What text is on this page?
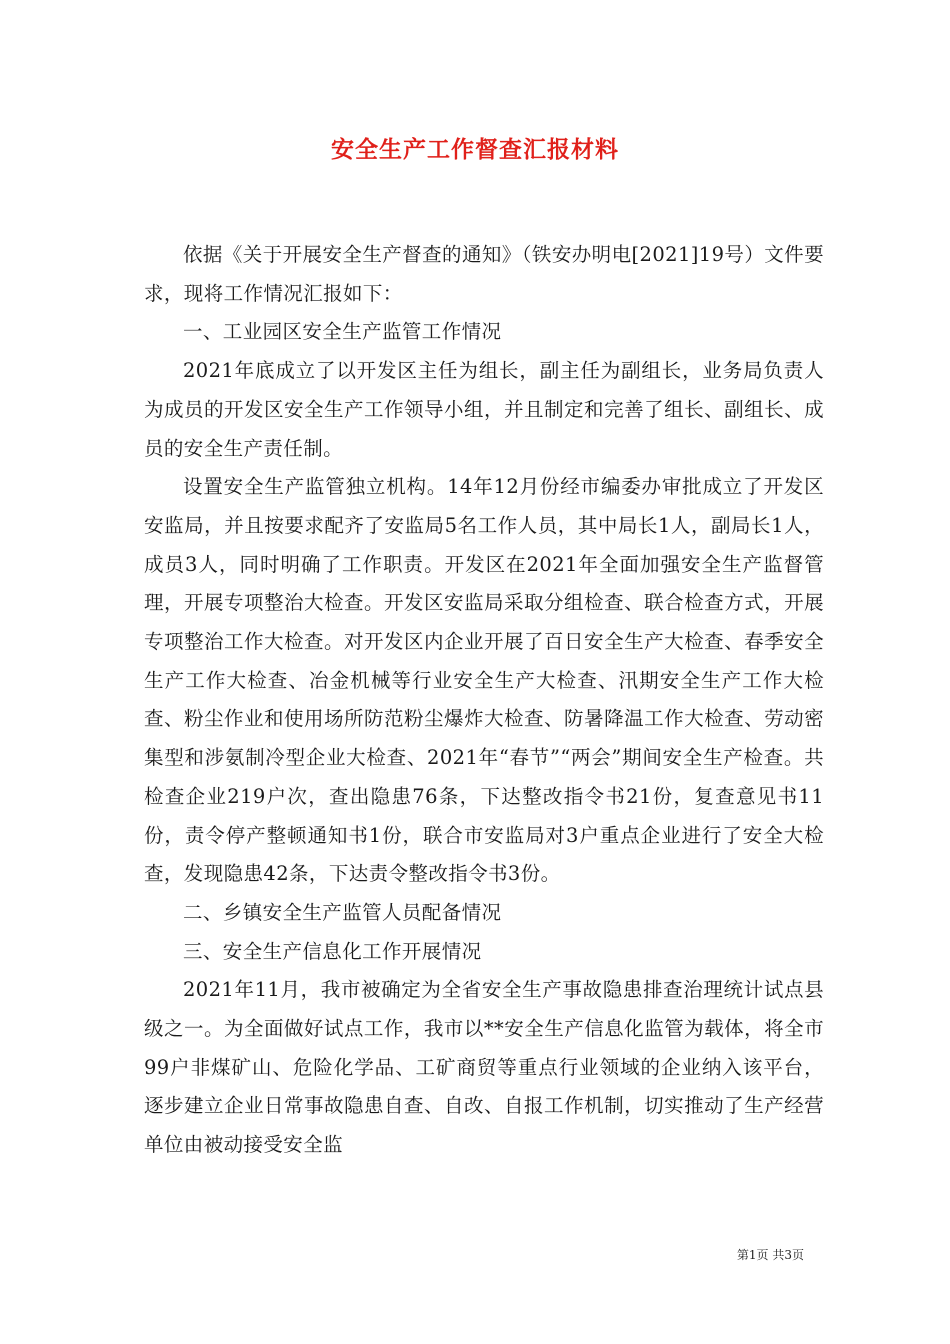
安全生产工作督查汇报材料

依据《关于开展安全生产督查的通知》（铁安办明电[2021]19号）文件要求，现将工作情况汇报如下：

一、工业园区安全生产监管工作情况

2021年底成立了以开发区主任为组长，副主任为副组长，业务局负责人为成员的开发区安全生产工作领导小组，并且制定和完善了组长、副组长、成员的安全生产责任制。

设置安全生产监管独立机构。14年12月份经市编委办审批成立了开发区安监局，并且按要求配齐了安监局5名工作人员，其中局长1人，副局长1人，成员3人，同时明确了工作职责。开发区在2021年全面加强安全生产监督管理，开展专项整治大检查。开发区安监局采取分组检查、联合检查方式，开展专项整治工作大检查。对开发区内企业开展了百日安全生产大检查、春季安全生产工作大检查、冶金机械等行业安全生产大检查、汛期安全生产工作大检查、粉尘作业和使用场所防范粉尘爆炸大检查、防暑降温工作大检查、劳动密集型和涉氨制冷型企业大检查、2021年“春节”“两会”期间安全生产检查。共检查企业219户次，查出隐患76条，下达整改指令书21份，复查意见书11份，责令停产整顿通知书1份，联合市安监局对3户重点企业进行了安全大检查，发现隐患42条，下达责令整改指令书3份。

二、乡镇安全生产监管人员配备情况

三、安全生产信息化工作开展情况

2021年11月，我市被确定为全省安全生产事故隐患排查治理统计试点县级之一。为全面做好试点工作，我市以**安全生产信息化监管为载体，将全市99户非煤矿山、危险化学品、工矿商贸等重点行业领域的企业纳入该平台，逐步建立企业日常事故隐患自查、自改、自报工作机制，切实推动了生产经营单位由被动接受安全监

第1页 共3页
